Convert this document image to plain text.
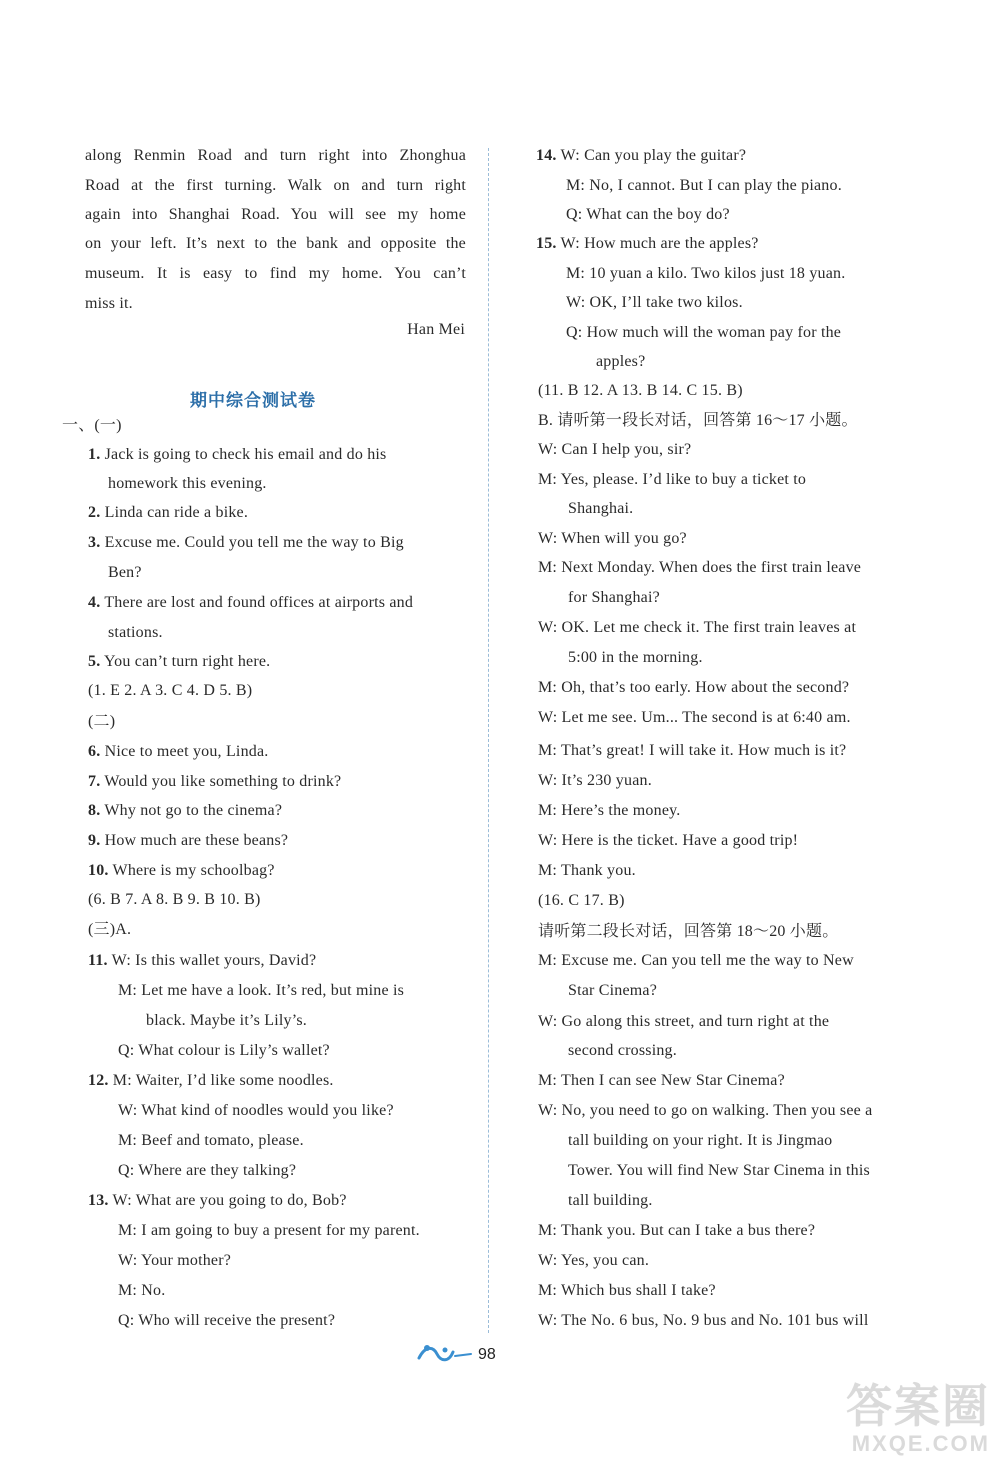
along Renmin Road and turn right into Zhonghua
Road at the first turning. Walk on and turn right
again into Shanghai Road. You will see my home
on your left. It’s next to the bank and opposite the
museum. It is easy to find my home. You can’t
miss it.
Han Mei
期中综合测试卷
一、(一)
1. Jack is going to check his email and do his
homework this evening.
2. Linda can ride a bike.
3. Excuse me. Could you tell me the way to Big
Ben?
4. There are lost and found offices at airports and
stations.
5. You can’t turn right here.
(1. E 2. A 3. C 4. D 5. B)
(二)
6. Nice to meet you, Linda.
7. Would you like something to drink?
8. Why not go to the cinema?
9. How much are these beans?
10. Where is my schoolbag?
(6. B 7. A 8. B 9. B 10. B)
(三)A.
11. W: Is this wallet yours, David?
M: Let me have a look. It’s red, but mine is
black. Maybe it’s Lily’s.
Q: What colour is Lily’s wallet?
12. M: Waiter, I’d like some noodles.
W: What kind of noodles would you like?
M: Beef and tomato, please.
Q: Where are they talking?
13. W: What are you going to do, Bob?
M: I am going to buy a present for my parent.
W: Your mother?
M: No.
Q: Who will receive the present?
14. W: Can you play the guitar?
M: No, I cannot. But I can play the piano.
Q: What can the boy do?
15. W: How much are the apples?
M: 10 yuan a kilo. Two kilos just 18 yuan.
W: OK, I’ll take two kilos.
Q: How much will the woman pay for the
apples?
(11. B 12. A 13. B 14. C 15. B)
B. 请听第一段长对话，回答第 16～17 小题。
W: Can I help you, sir?
M: Yes, please. I’d like to buy a ticket to
Shanghai.
W: When will you go?
M: Next Monday. When does the first train leave
for Shanghai?
W: OK. Let me check it. The first train leaves at
5:00 in the morning.
M: Oh, that’s too early. How about the second?
W: Let me see. Um... The second is at 6:40 am.
M: That’s great! I will take it. How much is it?
W: It’s 230 yuan.
M: Here’s the money.
W: Here is the ticket. Have a good trip!
M: Thank you.
(16. C 17. B)
请听第二段长对话，回答第 18～20 小题。
M: Excuse me. Can you tell me the way to New
Star Cinema?
W: Go along this street, and turn right at the
second crossing.
M: Then I can see New Star Cinema?
W: No, you need to go on walking. Then you see a
tall building on your right. It is Jingmao
Tower. You will find New Star Cinema in this
tall building.
M: Thank you. But can I take a bus there?
W: Yes, you can.
M: Which bus shall I take?
W: The No. 6 bus, No. 9 bus and No. 101 bus will
98
答案圈
MXQE.COM
